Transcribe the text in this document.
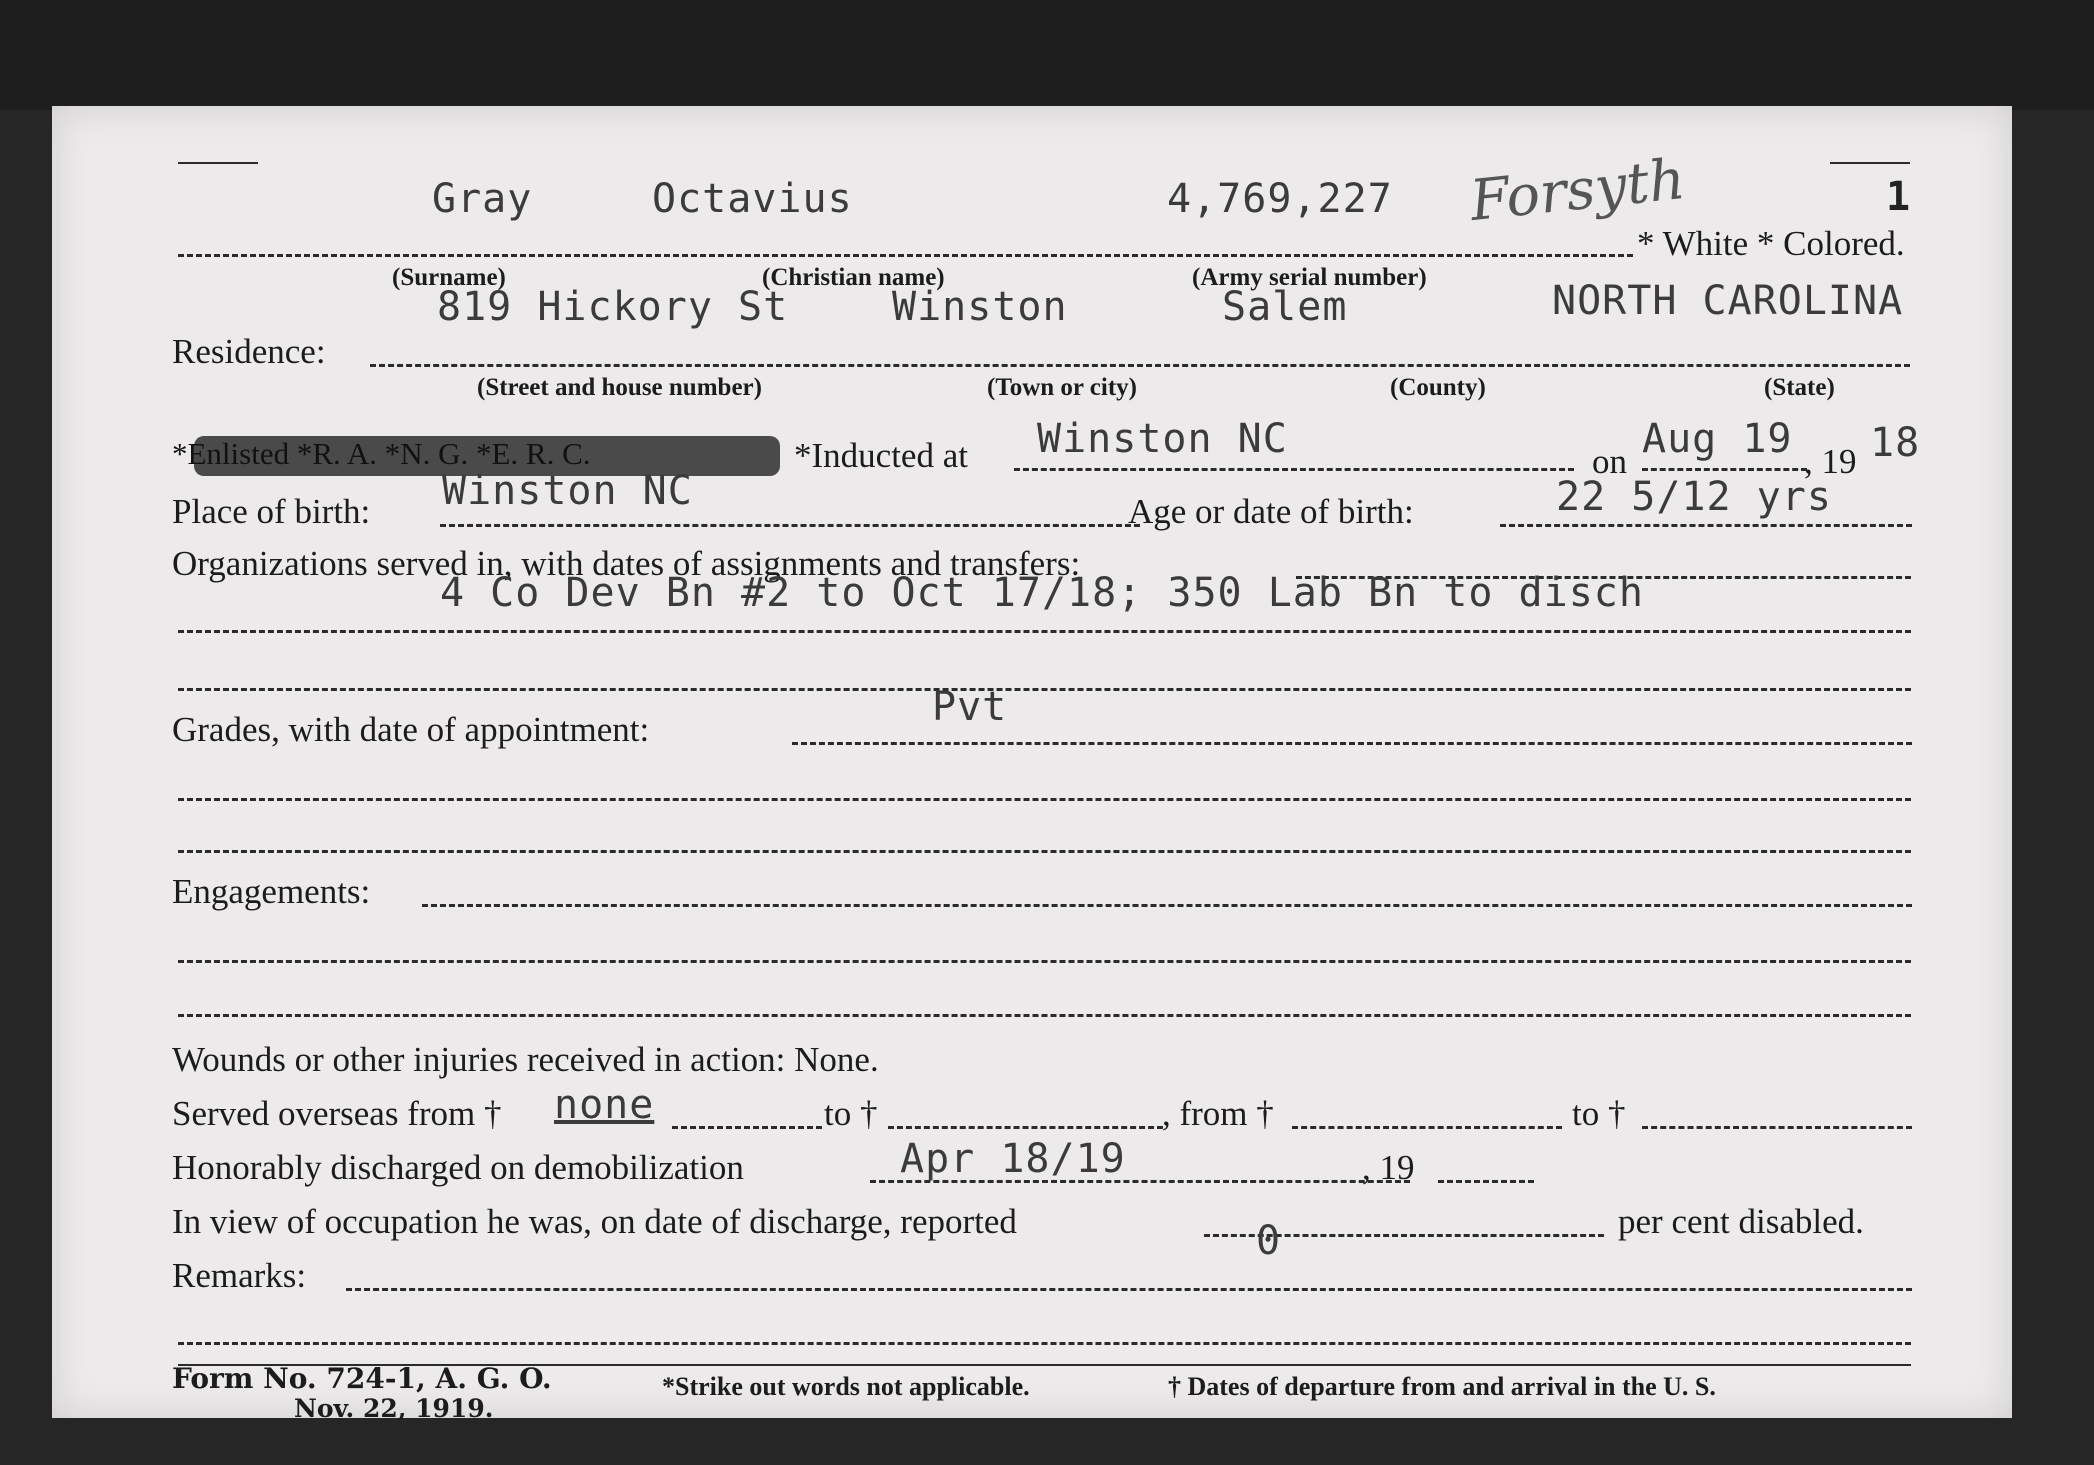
Gray	Octavius	4,769,227 Forsyth	1
* White * Colored.
(Surname)	(Christian name)	(Army serial number)
819 Hickory St	Winston	Salem	NORTH CAROLINA
Residence:
(Street and house number)	(Town or city)	(County)	(State)
*Enlisted *R. A. *N. G. *E. R. C.	*Inducted at Winston NC	on Aug 19 , 19 18
Winston NC
Place of birth:	Age or date of birth:	22 5/12 yrs
Organizations served in, with dates of assignments and transfers:
4 Co Dev Bn #2 to Oct 17/18; 350 Lab Bn to disch
Pvt
Grades, with date of appointment:
Engagements:
Wounds or other injuries received in action: None.
Served overseas from † none	to †	, from †	to †
Honorably discharged on demobilization	Apr 18/19	, 19
In view of occupation he was, on date of discharge, reported	0	per cent disabled.
Remarks:
Form No. 724-1, A. G. O.
Nov. 22, 1919.
*Strike out words not applicable.	† Dates of departure from and arrival in the U. S.
